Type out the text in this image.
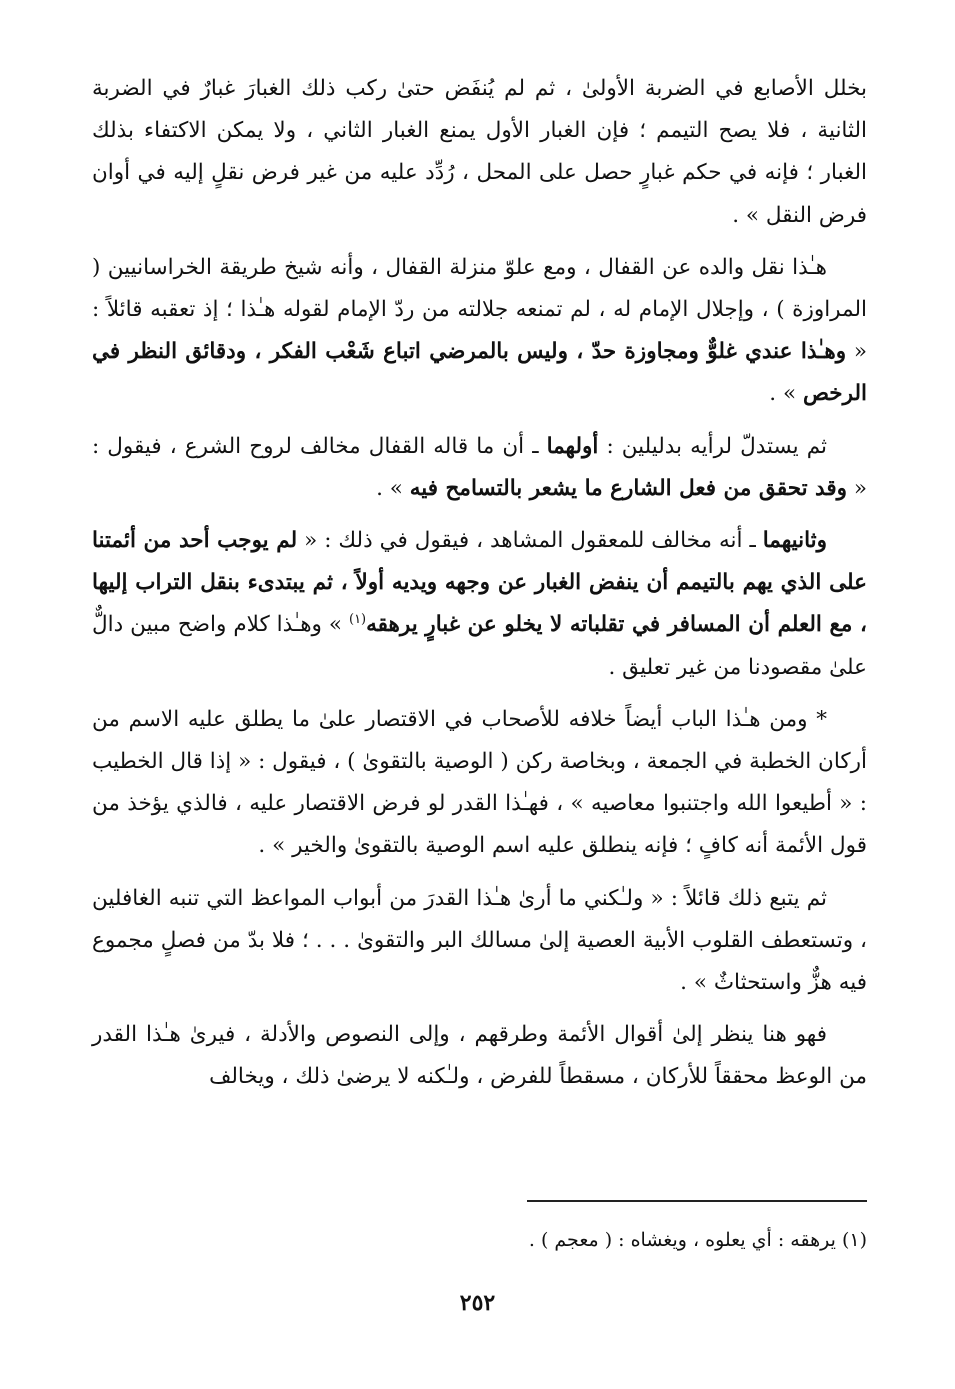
بخلل الأصابع في الضربة الأولىٰ ، ثم لم يُنفَض حتىٰ ركب ذلك الغبارَ غبارٌ في الضربة الثانية ، فلا يصح التيمم ؛ فإن الغبار الأول يمنع الغبار الثاني ، ولا يمكن الاكتفاء بذلك الغبار ؛ فإنه في حكم غبارٍ حصل على المحل ، رُدِّد عليه من غير فرض نقلٍ إليه في أوان فرض النقل » .

هـٰذا نقل والده عن القفال ، ومع علوّ منزلة القفال ، وأنه شيخ طريقة الخراسانيين ( المراوزة ) ، وإجلال الإمام له ، لم تمنعه جلالته من ردّ الإمام لقوله هـٰذا ؛ إذ تعقبه قائلاً : « وهـٰذا عندي غلوٌّ ومجاوزة حدّ ، وليس بالمرضي اتباع شَعْب الفكر ، ودقائق النظر في الرخص » .

ثم يستدلّ لرأيه بدليلين : أولهما ـ أن ما قاله القفال مخالف لروح الشرع ، فيقول : « وقد تحقق من فعل الشارع ما يشعر بالتسامح فيه » .

وثانيهما ـ أنه مخالف للمعقول المشاهد ، فيقول في ذلك : « لم يوجب أحد من أئمتنا على الذي يهم بالتيمم أن ينفض الغبار عن وجهه ويديه أولاً ، ثم يبتدىء بنقل التراب إليها ، مع العلم أن المسافر في تقلباته لا يخلو عن غبارٍ يرهقه$^{(١)}$ » وهـٰذا كلام واضح مبين دالٌّ علىٰ مقصودنا من غير تعليق .

* ومن هـٰذا الباب أيضاً خلافه للأصحاب في الاقتصار علىٰ ما يطلق عليه الاسم من أركان الخطبة في الجمعة ، وبخاصة ركن ( الوصية بالتقوىٰ ) ، فيقول : « إذا قال الخطيب : « أطيعوا الله واجتنبوا معاصيه » ، فهـٰذا القدر لو فرض الاقتصار عليه ، فالذي يؤخذ من قول الأئمة أنه كافٍ ؛ فإنه ينطلق عليه اسم الوصية بالتقوىٰ والخير » .

ثم يتبع ذلك قائلاً : « ولـٰكني ما أرىٰ هـٰذا القدرَ من أبواب المواعظ التي تنبه الغافلين ، وتستعطف القلوب الأبية العصية إلىٰ مسالك البر والتقوىٰ . . . ؛ فلا بدّ من فصلٍ مجموع فيه هزٌّ واستحثاثٌ » .

فهو هنا ينظر إلىٰ أقوال الأئمة وطرقهم ، وإلى النصوص والأدلة ، فيرىٰ هـٰذا القدر من الوعظ محققاً للأركان ، مسقطاً للفرض ، ولـٰكنه لا يرضىٰ ذلك ، ويخالف

(١) يرهقه : أي يعلوه ، ويغشاه : ( معجم ) .
٢٥٢
